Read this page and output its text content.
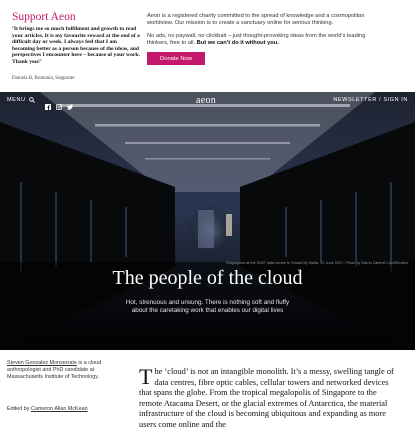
Support Aeon
‘It brings me so much fulfilment and growth to read your articles. It is my favourite reward at the end of a difficult day or week. I always feel that I am becoming better as a person because of the ideas, and perspectives I encounter here – because of your work. Thank you!’
Daniela B, Romania, Supporter
Aeon is a registered charity committed to the spread of knowledge and a cosmopolitan worldview. Our mission is to create a sanctuary online for serious thinking.
No ads, no paywall, no clickbait – just thought-provoking ideas from the world’s leading thinkers, free to all. But we can’t do it without you.
Donate Now
MENU	aeon	NEWSLETTER / SIGN IN
The people of the cloud
Hot, strenuous and unsung. There is nothing soft and fluffy about the caretaking work that enables our digital lives
Employees at the DMIT data centre in SmartCity Malta, 22 June 2017. Photo by Darrin Zammit Lupi/Reuters
Steven Gonzalez Monserrate is a cloud anthropologist and PhD candidate at Massachusetts Institute of Technology.
Edited by Cameron Allan McKean
The ‘cloud’ is not an intangible monolith. It’s a messy, swelling tangle of data centres, fibre optic cables, cellular towers and networked devices that spans the globe. From the tropical megalopolis of Singapore to the remote Atacama Desert, or the glacial extremes of Antarctica, the material infrastructure of the cloud is becoming ubiquitous and expanding as more users come online and the
